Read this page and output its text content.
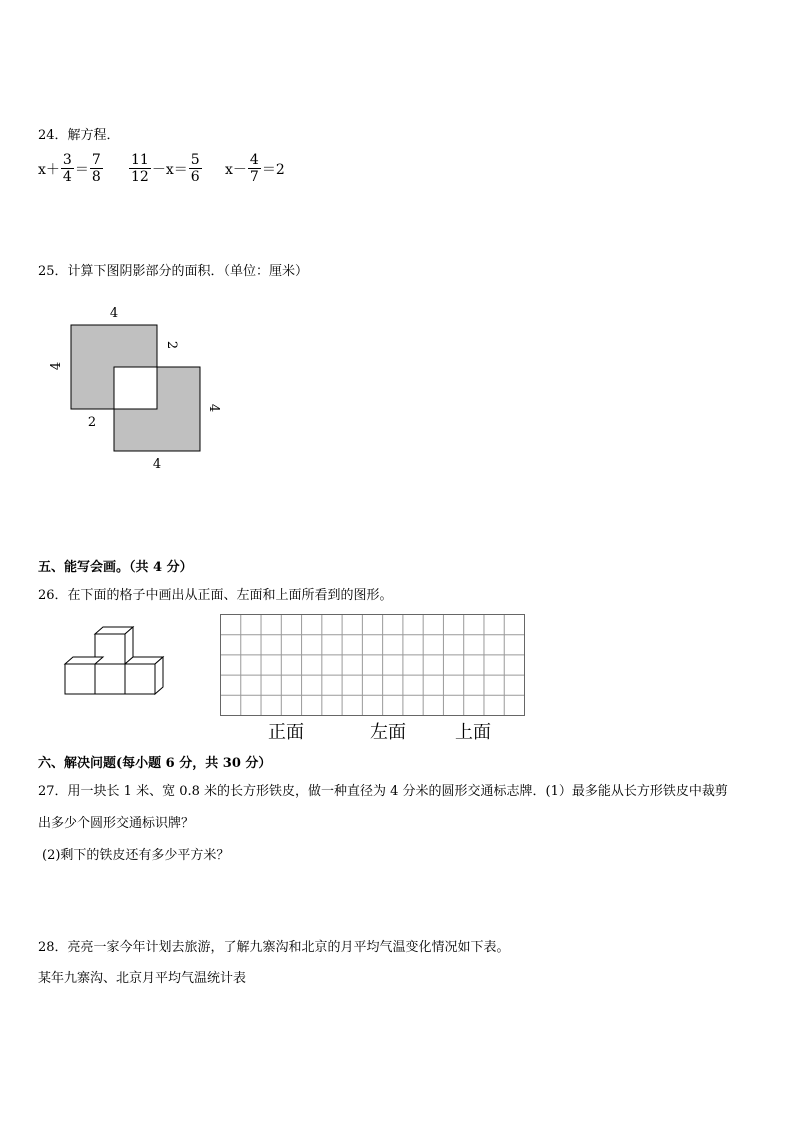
24．解方程．
$x+ \frac{3}{4} = \frac{7}{8} \frac{11}{12} -x= \frac{5}{6} x- \frac{4}{7} =2$
25．计算下图阴影部分的面积．（单位：厘米）
4
4
2
2
4
4
五、能写会画。（共 4 分）
26．在下面的格子中画出从正面、左面和上面所看到的图形。
正面	左面	上面
六、解决问题(每小题 6 分，共 30 分）
27．用一块长 1 米、宽 0.8 米的长方形铁皮，做一种直径为 4 分米的圆形交通标志牌．(1）最多能从长方形铁皮中裁剪
出多少个圆形交通标识牌？
(2)剩下的铁皮还有多少平方米？
28．亮亮一家今年计划去旅游，了解九寨沟和北京的月平均气温变化情况如下表。
某年九寨沟、北京月平均气温统计表
